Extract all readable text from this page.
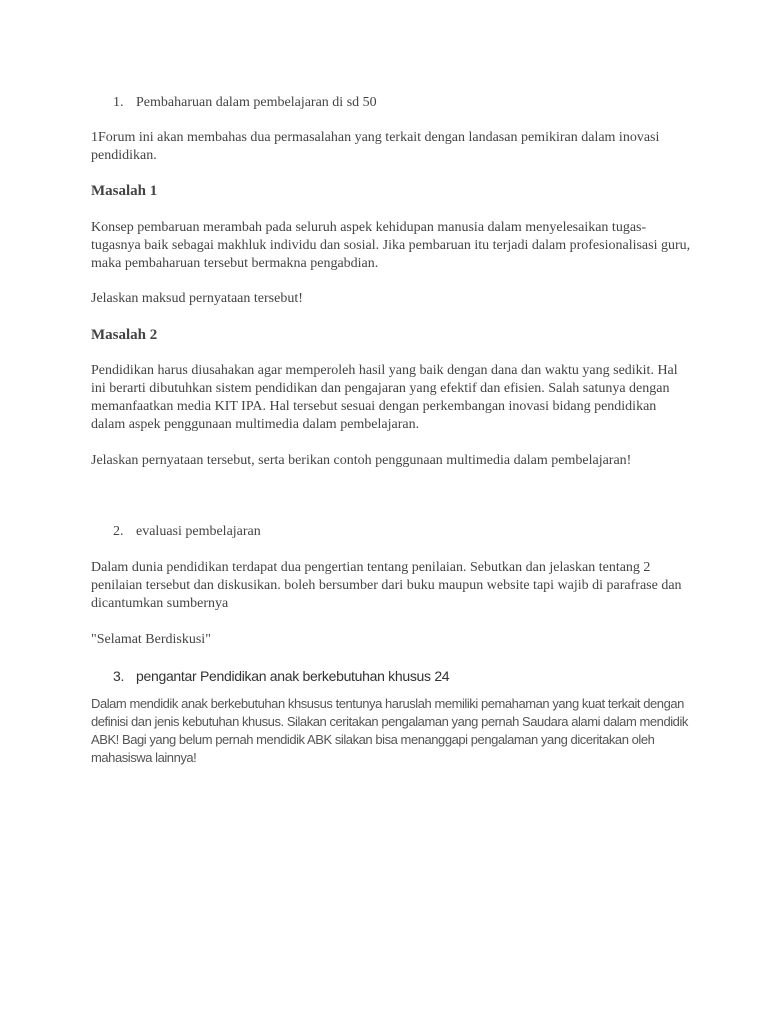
1. Pembaharuan dalam pembelajaran di sd 50

1Forum ini akan membahas dua permasalahan yang terkait dengan landasan pemikiran dalam inovasi pendidikan.

Masalah 1

Konsep pembaruan merambah pada seluruh aspek kehidupan manusia dalam menyelesaikan tugas-tugasnya baik sebagai makhluk individu dan sosial. Jika pembaruan itu terjadi dalam profesionalisasi guru, maka pembaharuan tersebut bermakna pengabdian.

Jelaskan maksud pernyataan tersebut!

Masalah 2

Pendidikan harus diusahakan agar memperoleh hasil yang baik dengan dana dan waktu yang sedikit. Hal ini berarti dibutuhkan sistem pendidikan dan pengajaran yang efektif dan efisien. Salah satunya dengan memanfaatkan media KIT IPA. Hal tersebut sesuai dengan perkembangan inovasi bidang pendidikan dalam aspek penggunaan multimedia dalam pembelajaran.

Jelaskan pernyataan tersebut, serta berikan contoh penggunaan multimedia dalam pembelajaran!

2. evaluasi pembelajaran

Dalam dunia pendidikan terdapat dua pengertian tentang penilaian. Sebutkan dan jelaskan tentang 2 penilaian tersebut dan diskusikan. boleh bersumber dari buku maupun website tapi wajib di parafrase dan dicantumkan sumbernya

"Selamat Berdiskusi"

3. pengantar Pendidikan anak berkebutuhan khusus 24

Dalam mendidik anak berkebutuhan khsusus tentunya haruslah memiliki pemahaman yang kuat terkait dengan definisi dan jenis kebutuhan khusus. Silakan ceritakan pengalaman yang pernah Saudara alami dalam mendidik ABK! Bagi yang belum pernah mendidik ABK silakan bisa menanggapi pengalaman yang diceritakan oleh mahasiswa lainnya!
